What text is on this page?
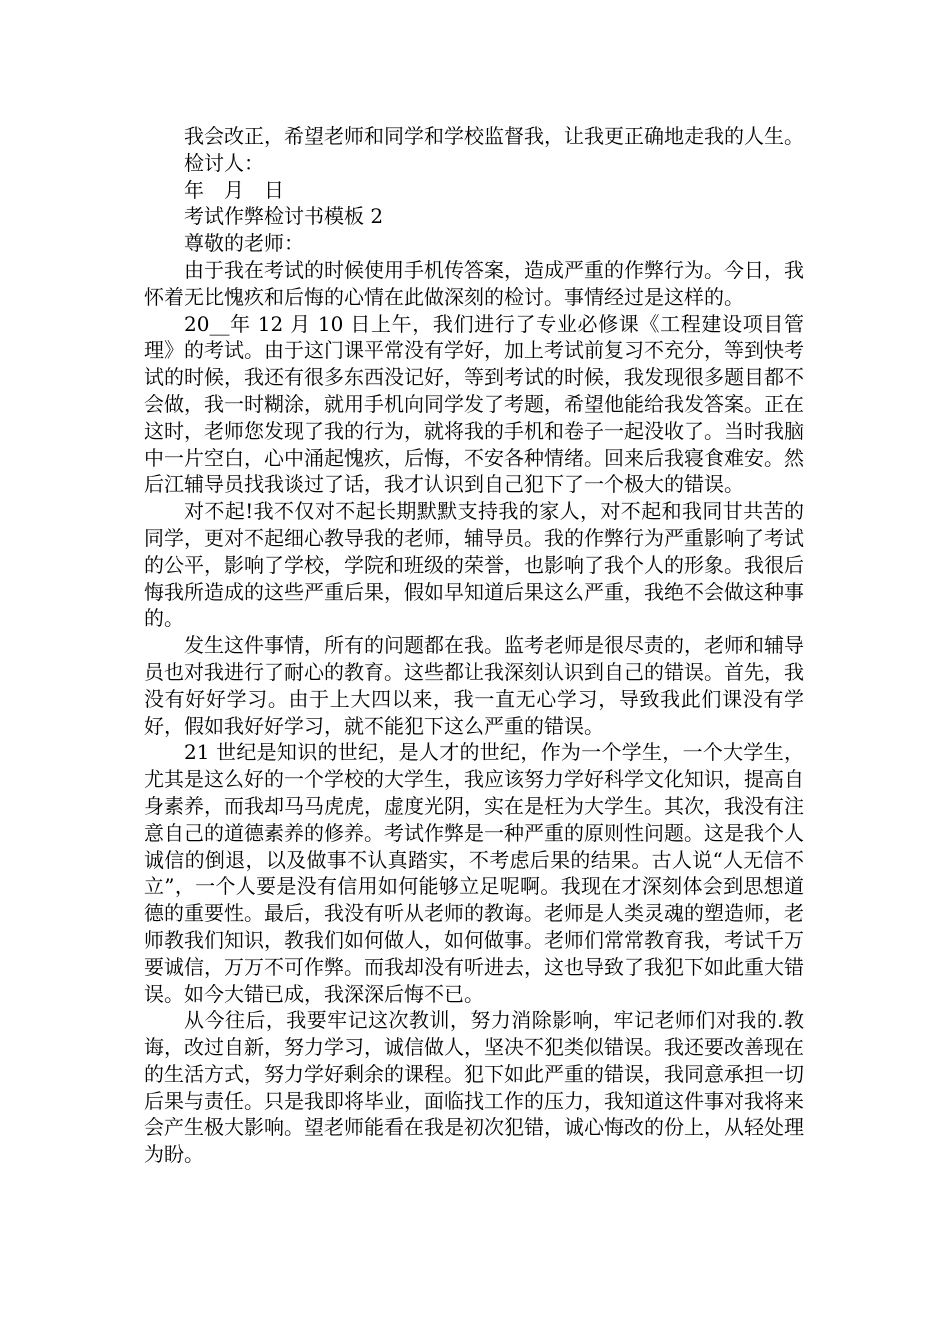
我会改正，希望老师和同学和学校监督我，让我更正确地走我的人生。

检讨人：

年　月　日

考试作弊检讨书模板 2

尊敬的老师：

由于我在考试的时候使用手机传答案，造成严重的作弊行为。今日，我怀着无比愧疚和后悔的心情在此做深刻的检讨。事情经过是这样的。

20__年 12 月 10 日上午，我们进行了专业必修课《工程建设项目管理》的考试。由于这门课平常没有学好，加上考试前复习不充分，等到快考试的时候，我还有很多东西没记好，等到考试的时候，我发现很多题目都不会做，我一时糊涂，就用手机向同学发了考题，希望他能给我发答案。正在这时，老师您发现了我的行为，就将我的手机和卷子一起没收了。当时我脑中一片空白，心中涌起愧疚，后悔，不安各种情绪。回来后我寝食难安。然后江辅导员找我谈过了话，我才认识到自己犯下了一个极大的错误。

对不起!我不仅对不起长期默默支持我的家人，对不起和我同甘共苦的同学，更对不起细心教导我的老师，辅导员。我的作弊行为严重影响了考试的公平，影响了学校，学院和班级的荣誉，也影响了我个人的形象。我很后悔我所造成的这些严重后果，假如早知道后果这么严重，我绝不会做这种事的。

发生这件事情，所有的问题都在我。监考老师是很尽责的，老师和辅导员也对我进行了耐心的教育。这些都让我深刻认识到自己的错误。首先，我没有好好学习。由于上大四以来，我一直无心学习，导致我此们课没有学好，假如我好好学习，就不能犯下这么严重的错误。

21 世纪是知识的世纪，是人才的世纪，作为一个学生，一个大学生，尤其是这么好的一个学校的大学生，我应该努力学好科学文化知识，提高自身素养，而我却马马虎虎，虚度光阴，实在是枉为大学生。其次，我没有注意自己的道德素养的修养。考试作弊是一种严重的原则性问题。这是我个人诚信的倒退，以及做事不认真踏实，不考虑后果的结果。古人说“人无信不立”，一个人要是没有信用如何能够立足呢啊。我现在才深刻体会到思想道德的重要性。最后，我没有听从老师的教诲。老师是人类灵魂的塑造师，老师教我们知识，教我们如何做人，如何做事。老师们常常教育我，考试千万要诚信，万万不可作弊。而我却没有听进去，这也导致了我犯下如此重大错误。如今大错已成，我深深后悔不已。

从今往后，我要牢记这次教训，努力消除影响，牢记老师们对我的.教诲，改过自新，努力学习，诚信做人，坚决不犯类似错误。我还要改善现在的生活方式，努力学好剩余的课程。犯下如此严重的错误，我同意承担一切后果与责任。只是我即将毕业，面临找工作的压力，我知道这件事对我将来会产生极大影响。望老师能看在我是初次犯错，诚心悔改的份上，从轻处理为盼。
